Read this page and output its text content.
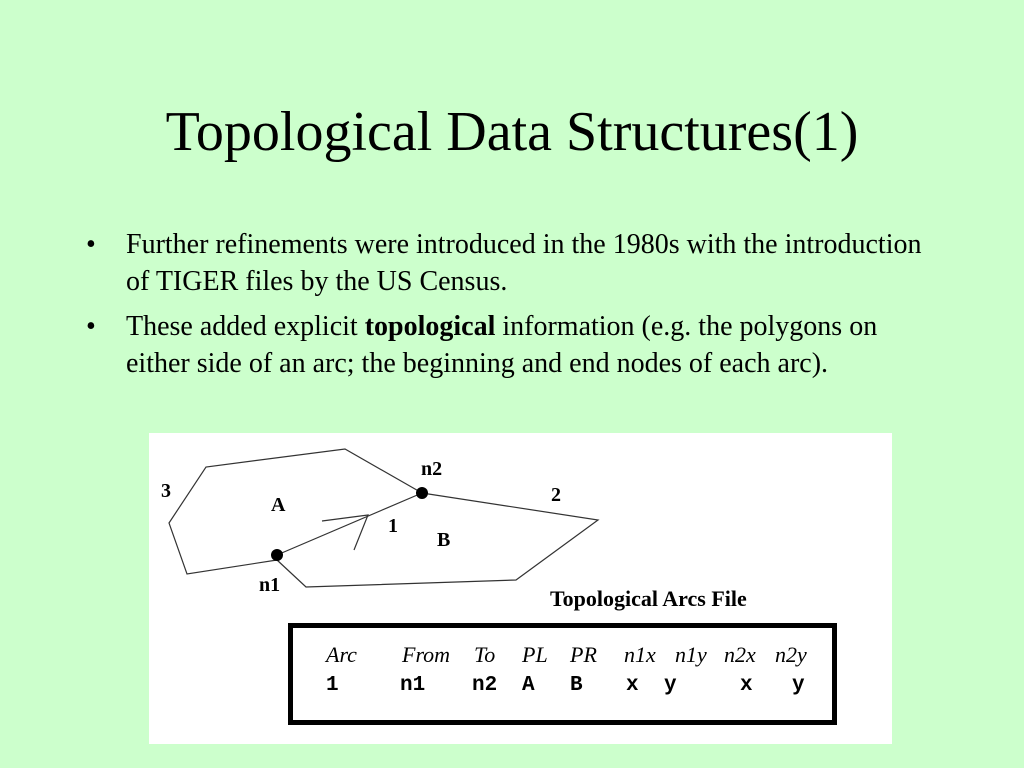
Topological Data Structures(1)
• Further refinements were introduced in the 1980s with the introduction of TIGER files by the US Census.
• These added explicit topological information (e.g. the polygons on either side of an arc; the beginning and end nodes of each arc).
3
A
n2
2
1
B
n1
Topological Arcs File
Arc From To PL PR n1x n1y n2x n2y
1	n1 n2 A B x y	x y
